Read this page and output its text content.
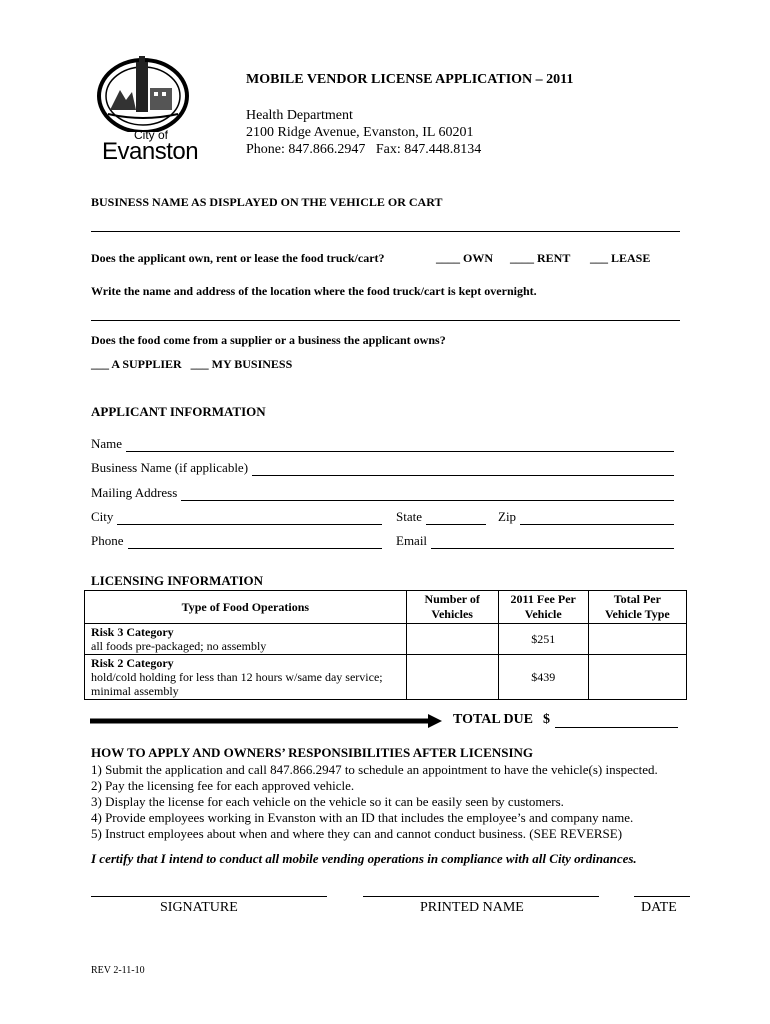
City of
Evanston
MOBILE VENDOR LICENSE APPLICATION – 2011
Health Department
2100 Ridge Avenue, Evanston, IL 60201
Phone: 847.866.2947   Fax: 847.448.8134
BUSINESS NAME AS DISPLAYED ON THE VEHICLE OR CART
Does the applicant own, rent or lease the food truck/cart?	____ OWN ____ RENT ___ LEASE
Write the name and address of the location where the food truck/cart is kept overnight.
Does the food come from a supplier or a business the applicant owns?
___ A SUPPLIER   ___ MY BUSINESS
APPLICANT INFORMATION
Name
Business Name (if applicable)
Mailing Address
City	State	Zip
Phone	Email
LICENSING INFORMATION
Type of Food Operations	Number of Vehicles	2011 Fee Per Vehicle	Total Per Vehicle Type

Risk 3 Category
all foods pre-packaged; no assembly		$251	

Risk 2 Category
hold/cold holding for less than 12 hours w/same day service; minimal assembly		$439	
TOTAL DUE $
HOW TO APPLY AND OWNERS’ RESPONSIBILITIES AFTER LICENSING
1) Submit the application and call 847.866.2947 to schedule an appointment to have the vehicle(s) inspected.
2) Pay the licensing fee for each approved vehicle.
3) Display the license for each vehicle on the vehicle so it can be easily seen by customers.
4) Provide employees working in Evanston with an ID that includes the employee’s and company name.
5) Instruct employees about when and where they can and cannot conduct business. (SEE REVERSE)
I certify that I intend to conduct all mobile vending operations in compliance with all City ordinances.
SIGNATURE	PRINTED NAME	DATE
REV 2-11-10
